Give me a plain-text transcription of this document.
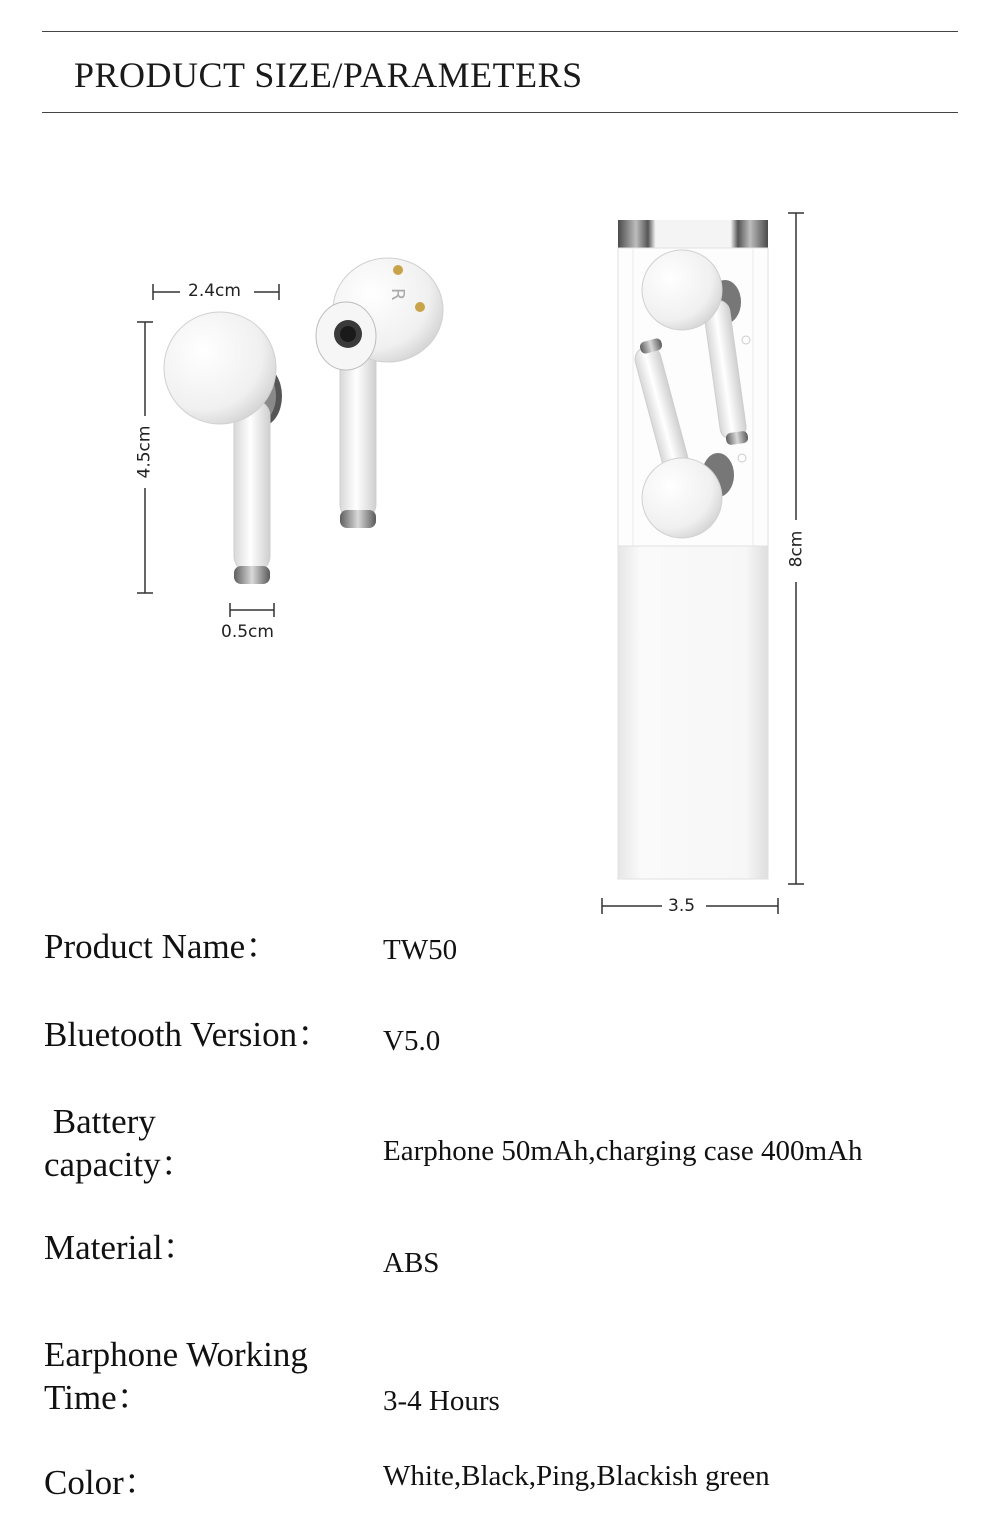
PRODUCT SIZE/PARAMETERS
R
2.4cm
4.5cm
0.5cm
8cm
3.5
Product Name：	TW50
Bluetooth Version： V5.0
Battery
capacity：	Earphone 50mAh,charging case 400mAh
Material：	ABS
Earphone Working
Time：	3-4 Hours
Color：	White,Black,Ping,Blackish green
